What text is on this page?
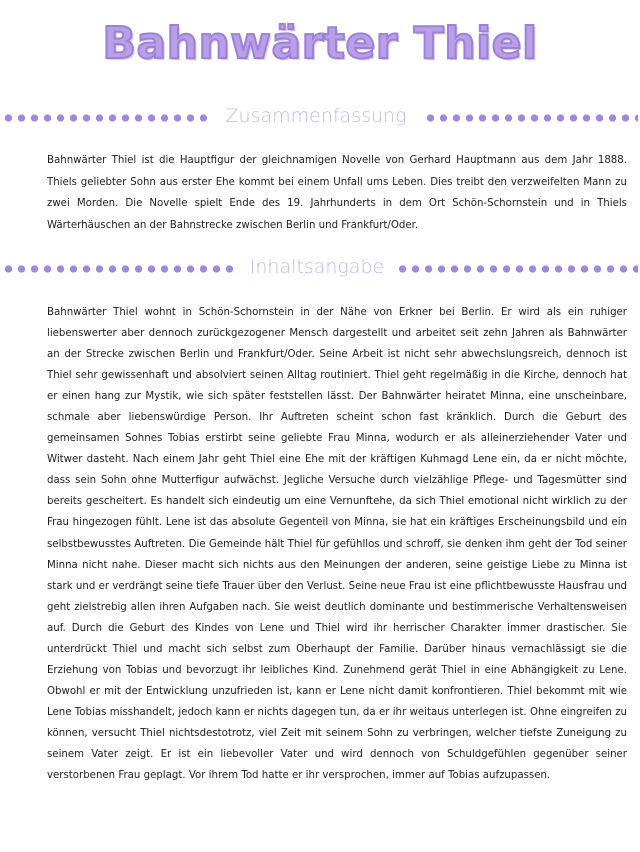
Bahnwärter Thiel
Zusammenfassung

Bahnwärter Thiel ist die Hauptfigur der gleichnamigen Novelle von Gerhard Hauptmann aus dem Jahr 1888. Thiels geliebter Sohn aus erster Ehe kommt bei einem Unfall ums Leben. Dies treibt den verzweifelten Mann zu zwei Morden. Die Novelle spielt Ende des 19. Jahrhunderts in dem Ort Schön-Schornstein und in Thiels Wärterhäuschen an der Bahnstrecke zwischen Berlin und Frankfurt/Oder.

Inhaltsangabe

Bahnwärter Thiel wohnt in Schön-Schornstein in der Nähe von Erkner bei Berlin. Er wird als ein ruhiger liebenswerter aber dennoch zurückgezogener Mensch dargestellt und arbeitet seit zehn Jahren als Bahnwärter an der Strecke zwischen Berlin und Frankfurt/Oder. Seine Arbeit ist nicht sehr abwechslungsreich, dennoch ist Thiel sehr gewissenhaft und absolviert seinen Alltag routiniert. Thiel geht regelmäßig in die Kirche, dennoch hat er einen hang zur Mystik, wie sich später feststellen lässt. Der Bahnwärter heiratet Minna, eine unscheinbare, schmale aber liebenswürdige Person. Ihr Auftreten scheint schon fast kränklich. Durch die Geburt des gemeinsamen Sohnes Tobias erstirbt seine geliebte Frau Minna, wodurch er als alleinerziehender Vater und Witwer dasteht. Nach einem Jahr geht Thiel eine Ehe mit der kräftigen Kuhmagd Lene ein, da er nicht möchte, dass sein Sohn ohne Mutterfigur aufwächst. Jegliche Versuche durch vielzählige Pflege- und Tagesmütter sind bereits gescheitert. Es handelt sich eindeutig um eine Vernunftehe, da sich Thiel emotional nicht wirklich zu der Frau hingezogen fühlt. Lene ist das absolute Gegenteil von Minna, sie hat ein kräftiges Erscheinungsbild und ein selbstbewusstes Auftreten. Die Gemeinde hält Thiel für gefühllos und schroff, sie denken ihm geht der Tod seiner Minna nicht nahe. Dieser macht sich nichts aus den Meinungen der anderen, seine geistige Liebe zu Minna ist stark und er verdrängt seine tiefe Trauer über den Verlust. Seine neue Frau ist eine pflichtbewusste Hausfrau und geht zielstrebig allen ihren Aufgaben nach. Sie weist deutlich dominante und bestimmerische Verhaltensweisen auf. Durch die Geburt des Kindes von Lene und Thiel wird ihr herrischer Charakter immer drastischer. Sie unterdrückt Thiel und macht sich selbst zum Oberhaupt der Familie. Darüber hinaus vernachlässigt sie die Erziehung von Tobias und bevorzugt ihr leibliches Kind. Zunehmend gerät Thiel in eine Abhängigkeit zu Lene. Obwohl er mit der Entwicklung unzufrieden ist, kann er Lene nicht damit konfrontieren. Thiel bekommt mit wie Lene Tobias misshandelt, jedoch kann er nichts dagegen tun, da er ihr weitaus unterlegen ist. Ohne eingreifen zu können, versucht Thiel nichtsdestotrotz, viel Zeit mit seinem Sohn zu verbringen, welcher tiefste Zuneigung zu seinem Vater zeigt. Er ist ein liebevoller Vater und wird dennoch von Schuldgefühlen gegenüber seiner verstorbenen Frau geplagt. Vor ihrem Tod hatte er ihr versprochen, immer auf Tobias aufzupassen.
